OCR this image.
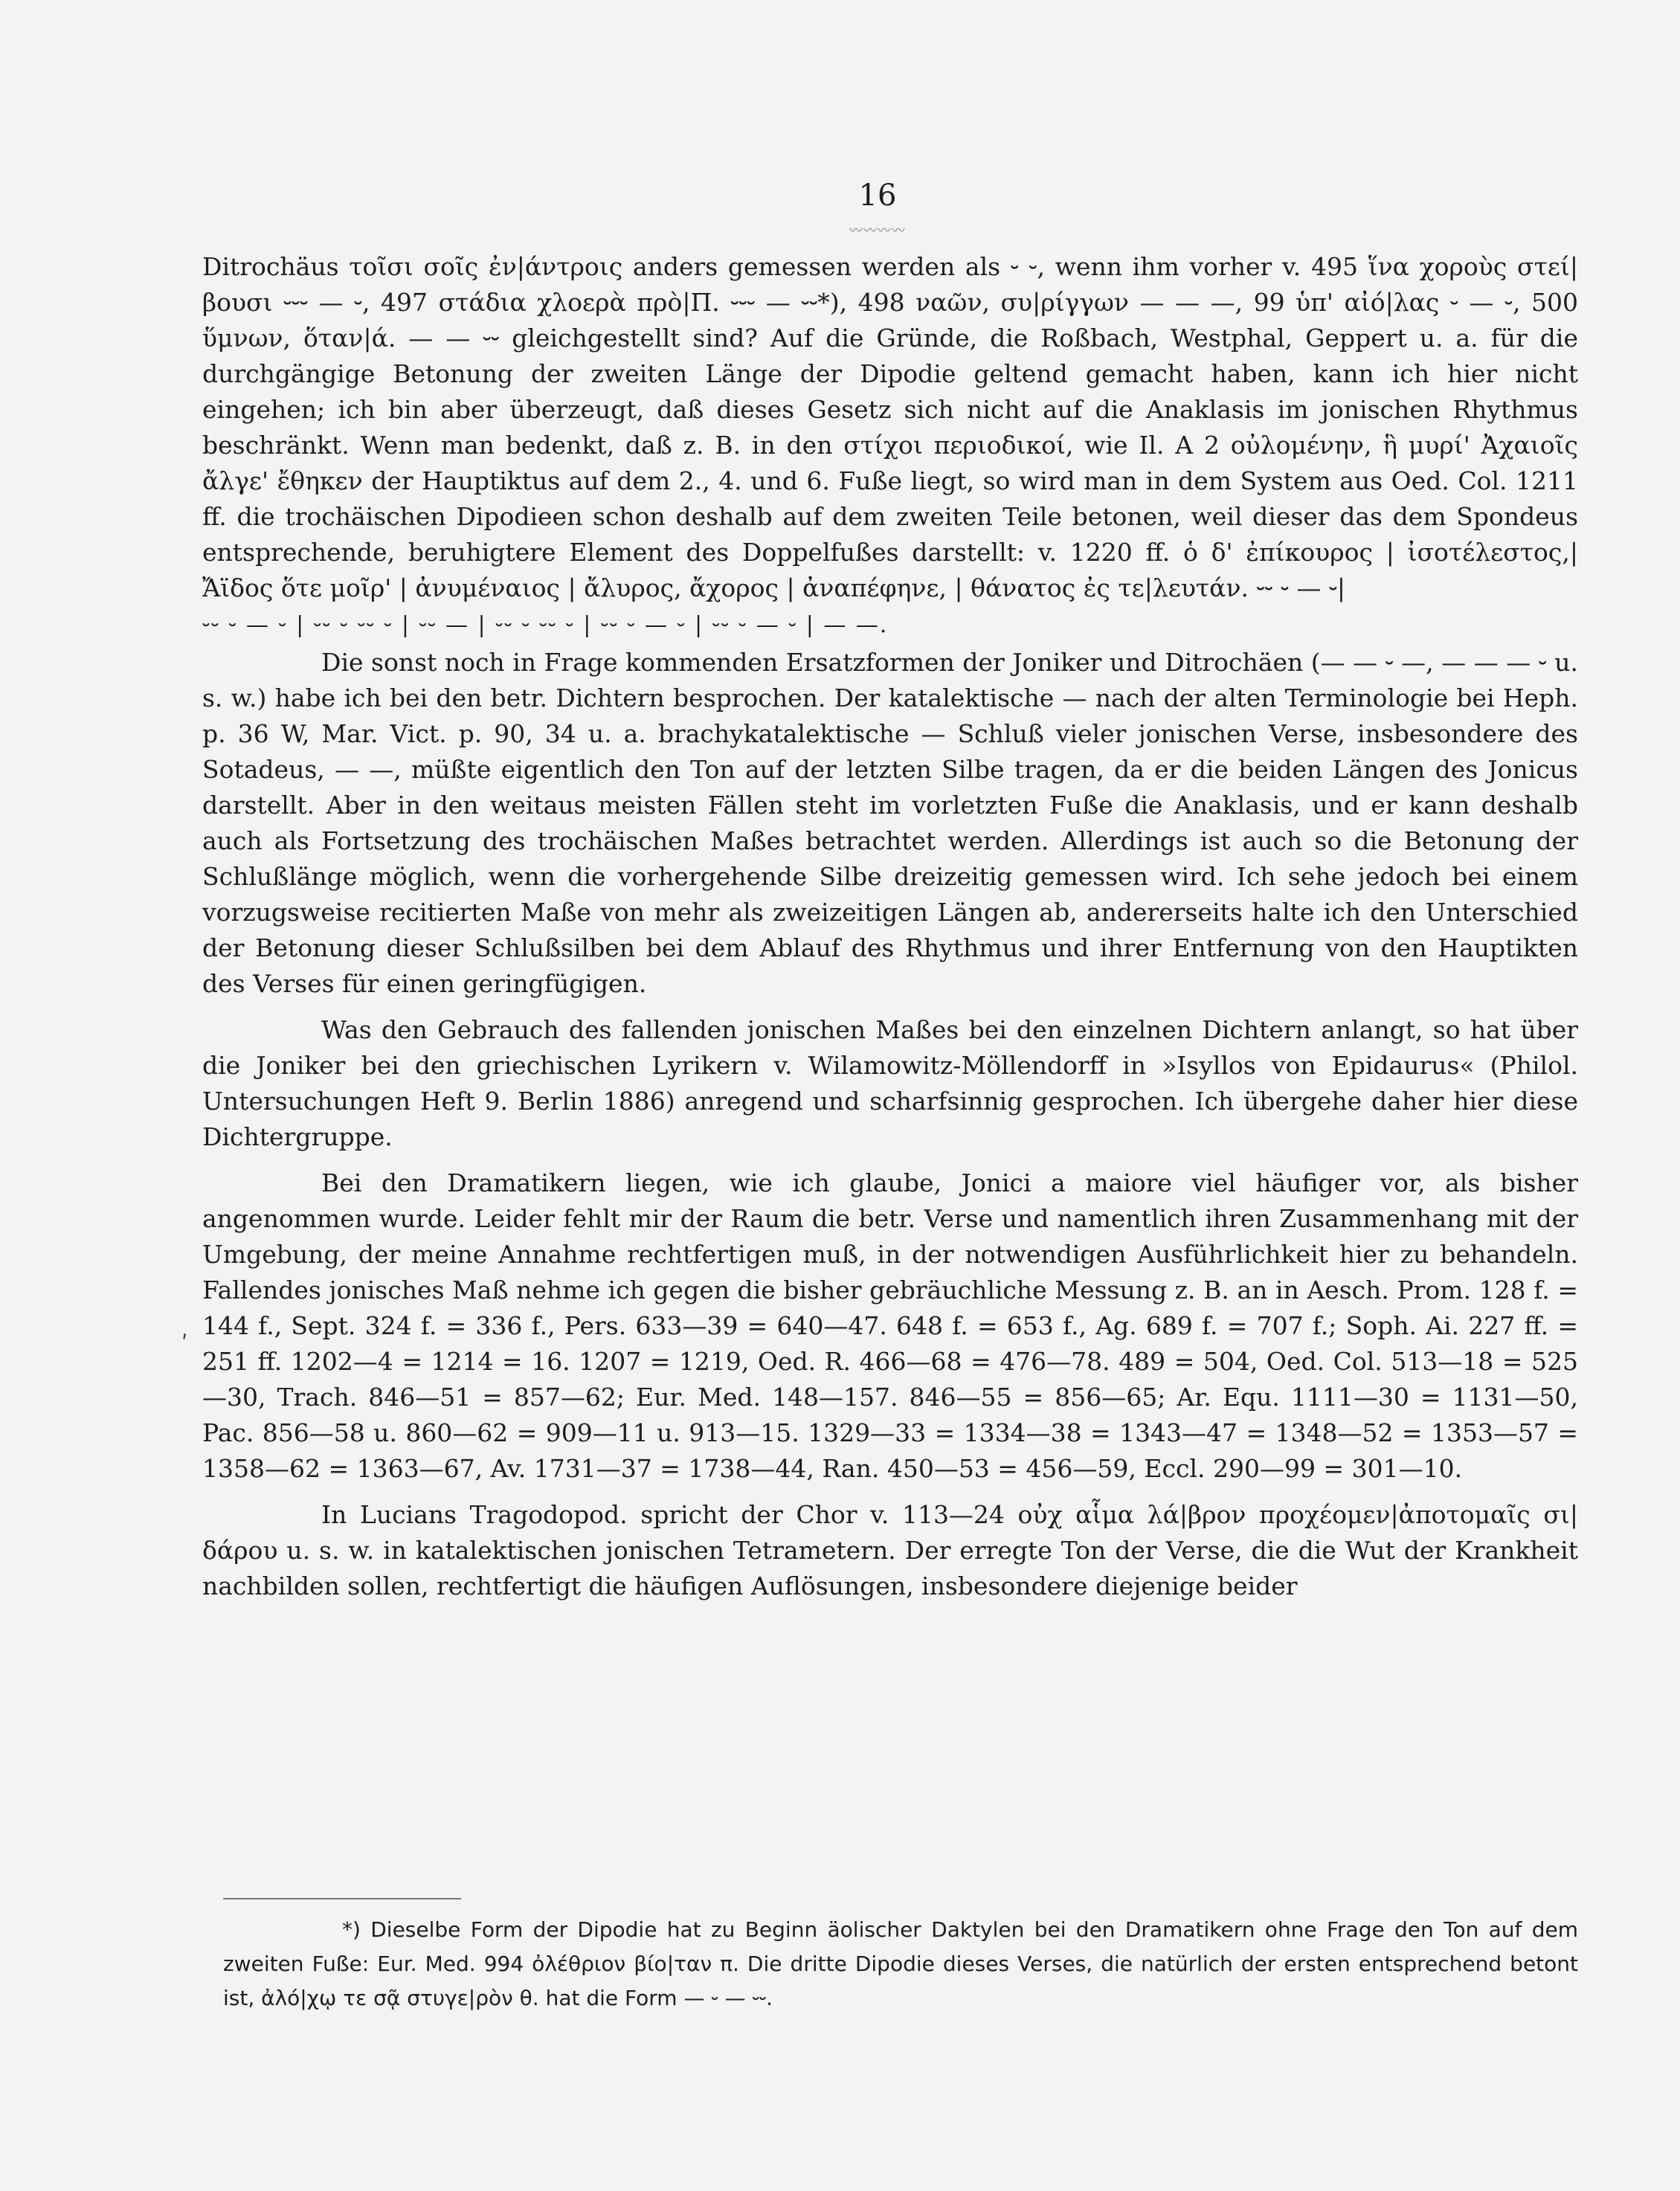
16
〰〰〰〰

Ditrochäus τοῖσι σοῖς ἐν|άντροις anders gemessen werden als ⏑ ⏑, wenn ihm vorher v. 495 ἵνα χοροὺς στεί|βουσι ⏑⏑⏑ — ⏑, 497 στάδια χλοερὰ πρὸ|Π. ⏑⏑⏑ — ⏑⏑*), 498 ναῶν, συ|ρίγγων — — —, 99 ὑπ' αἰό|λας ⏑ — ⏑, 500 ὕμνων, ὅταν|ά. — — ⏑⏑ gleichgestellt sind? Auf die Gründe, die Roßbach, Westphal, Geppert u. a. für die durchgängige Betonung der zweiten Länge der Dipodie geltend gemacht haben, kann ich hier nicht eingehen; ich bin aber überzeugt, daß dieses Gesetz sich nicht auf die Anaklasis im jonischen Rhythmus beschränkt. Wenn man bedenkt, daß z. B. in den στίχοι περιοδικοί, wie Il. A 2 οὐλομένην, ἣ μυρί' Ἀχαιοῖς ἄλγε' ἔθηκεν der Hauptiktus auf dem 2., 4. und 6. Fuße liegt, so wird man in dem System aus Oed. Col. 1211 ff. die trochäischen Dipodieen schon deshalb auf dem zweiten Teile betonen, weil dieser das dem Spondeus entsprechende, beruhigtere Element des Doppelfußes darstellt: v. 1220 ff. ὁ δ' ἐπίκουρος | ἰσοτέλεστος,| Ἄϊδος ὅτε μοῖρ' | ἀνυμέναιος | ἄλυρος, ἄχορος | ἀναπέφηνε, | θάνατος ἐς τε|λευτάν. ⏑⏑ ⏑ — ⏑|

⏑⏑ ⏑ — ⏑ | ⏑⏑ ⏑ ⏑⏑ ⏑ | ⏑⏑ — | ⏑⏑ ⏑ ⏑⏑ ⏑ | ⏑⏑ ⏑ — ⏑ | ⏑⏑ ⏑ — ⏑ | — —.

Die sonst noch in Frage kommenden Ersatzformen der Joniker und Ditrochäen (— — ⏑ —, — — — ⏑ u. s. w.) habe ich bei den betr. Dichtern besprochen. Der katalektische — nach der alten Terminologie bei Heph. p. 36 W, Mar. Vict. p. 90, 34 u. a. brachykatalektische — Schluß vieler jonischen Verse, insbesondere des Sotadeus, — —, müßte eigentlich den Ton auf der letzten Silbe tragen, da er die beiden Längen des Jonicus darstellt. Aber in den weitaus meisten Fällen steht im vorletzten Fuße die Anaklasis, und er kann deshalb auch als Fortsetzung des trochäischen Maßes betrachtet werden. Allerdings ist auch so die Betonung der Schlußlänge möglich, wenn die vorhergehende Silbe dreizeitig gemessen wird. Ich sehe jedoch bei einem vorzugsweise recitierten Maße von mehr als zweizeitigen Längen ab, andererseits halte ich den Unterschied der Betonung dieser Schlußsilben bei dem Ablauf des Rhythmus und ihrer Entfernung von den Hauptikten des Verses für einen geringfügigen.

Was den Gebrauch des fallenden jonischen Maßes bei den einzelnen Dichtern anlangt, so hat über die Joniker bei den griechischen Lyrikern v. Wilamowitz-Möllendorff in »Isyllos von Epidaurus« (Philol. Untersuchungen Heft 9. Berlin 1886) anregend und scharfsinnig gesprochen. Ich übergehe daher hier diese Dichtergruppe.

Bei den Dramatikern liegen, wie ich glaube, Jonici a maiore viel häufiger vor, als bisher angenommen wurde. Leider fehlt mir der Raum die betr. Verse und namentlich ihren Zusammenhang mit der Umgebung, der meine Annahme rechtfertigen muß, in der notwendigen Ausführlichkeit hier zu behandeln. Fallendes jonisches Maß nehme ich gegen die bisher gebräuchliche Messung z. B. an in Aesch. Prom. 128 f. = 144 f., Sept. 324 f. = 336 f., Pers. 633—39 = 640—47. 648 f. = 653 f., Ag. 689 f. = 707 f.; Soph. Ai. 227 ff. = 251 ff. 1202—4 = 1214 = 16. 1207 = 1219, Oed. R. 466—68 = 476—78. 489 = 504, Oed. Col. 513—18 = 525—30, Trach. 846—51 = 857—62; Eur. Med. 148—157. 846—55 = 856—65; Ar. Equ. 1111—30 = 1131—50, Pac. 856—58 u. 860—62 = 909—11 u. 913—15. 1329—33 = 1334—38 = 1343—47 = 1348—52 = 1353—57 = 1358—62 = 1363—67, Av. 1731—37 = 1738—44, Ran. 450—53 = 456—59, Eccl. 290—99 = 301—10.

In Lucians Tragodopod. spricht der Chor v. 113—24 οὐχ αἷμα λά|βρον προχέομεν|ἀποτομαῖς σι|δάρου u. s. w. in katalektischen jonischen Tetrametern. Der erregte Ton der Verse, die die Wut der Krankheit nachbilden sollen, rechtfertigt die häufigen Auflösungen, insbesondere diejenige beider

ʹ
*) Dieselbe Form der Dipodie hat zu Beginn äolischer Daktylen bei den Dramatikern ohne Frage den Ton auf dem zweiten Fuße: Eur. Med. 994 ὀλέθριον βίο|ταν π. Die dritte Dipodie dieses Verses, die natürlich der ersten entsprechend betont ist, ἀλό|χῳ τε σᾷ στυγε|ρὸν θ. hat die Form — ⏑ — ⏑⏑.
